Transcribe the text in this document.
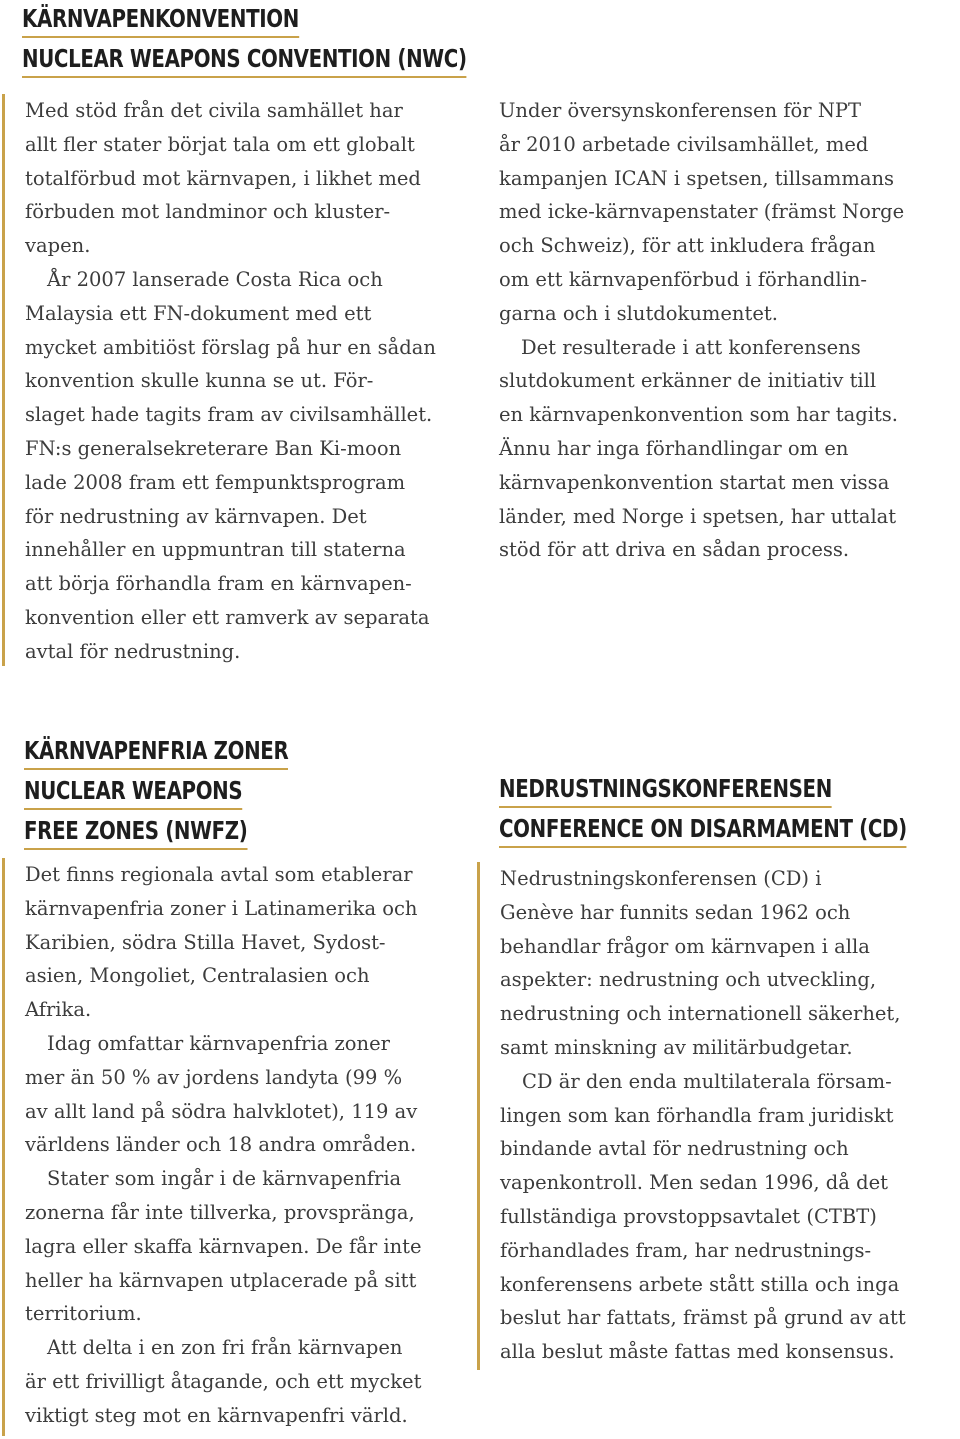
KÄRNVAPENKONVENTION
NUCLEAR WEAPONS CONVENTION (NWC)

Med stöd från det civila samhället har
allt fler stater börjat tala om ett globalt
totalförbud mot kärnvapen, i likhet med
förbuden mot landminor och kluster-
vapen.

År 2007 lanserade Costa Rica och
Malaysia ett FN-dokument med ett
mycket ambitiöst förslag på hur en sådan
konvention skulle kunna se ut. För-
slaget hade tagits fram av civilsamhället.
FN:s generalsekreterare Ban Ki-moon
lade 2008 fram ett fempunktsprogram
för nedrustning av kärnvapen. Det
innehåller en uppmuntran till staterna
att börja förhandla fram en kärnvapen-
konvention eller ett ramverk av separata
avtal för nedrustning.

Under översynskonferensen för NPT
år 2010 arbetade civilsamhället, med
kampanjen ICAN i spetsen, tillsammans
med icke-kärnvapenstater (främst Norge
och Schweiz), för att inkludera frågan
om ett kärnvapenförbud i förhandlin-
garna och i slutdokumentet.

Det resulterade i att konferensens
slutdokument erkänner de initiativ till
en kärnvapenkonvention som har tagits.
Ännu har inga förhandlingar om en
kärnvapenkonvention startat men vissa
länder, med Norge i spetsen, har uttalat
stöd för att driva en sådan process.

KÄRNVAPENFRIA ZONER
NUCLEAR WEAPONS
FREE ZONES (NWFZ)

Det finns regionala avtal som etablerar
kärnvapenfria zoner i Latinamerika och
Karibien, södra Stilla Havet, Sydost-
asien, Mongoliet, Centralasien och
Afrika.

Idag omfattar kärnvapenfria zoner
mer än 50 % av jordens landyta (99 %
av allt land på södra halvklotet), 119 av
världens länder och 18 andra områden.

Stater som ingår i de kärnvapenfria
zonerna får inte tillverka, provspränga,
lagra eller skaffa kärnvapen. De får inte
heller ha kärnvapen utplacerade på sitt
territorium.

Att delta i en zon fri från kärnvapen
är ett frivilligt åtagande, och ett mycket
viktigt steg mot en kärnvapenfri värld.

NEDRUSTNINGSKONFERENSEN
CONFERENCE ON DISARMAMENT (CD)

Nedrustningskonferensen (CD) i
Genève har funnits sedan 1962 och
behandlar frågor om kärnvapen i alla
aspekter: nedrustning och utveckling,
nedrustning och internationell säkerhet,
samt minskning av militärbudgetar.

CD är den enda multilaterala försam-
lingen som kan förhandla fram juridiskt
bindande avtal för nedrustning och
vapenkontroll. Men sedan 1996, då det
fullständiga provstoppsavtalet (CTBT)
förhandlades fram, har nedrustnings-
konferensens arbete stått stilla och inga
beslut har fattats, främst på grund av att
alla beslut måste fattas med konsensus.
